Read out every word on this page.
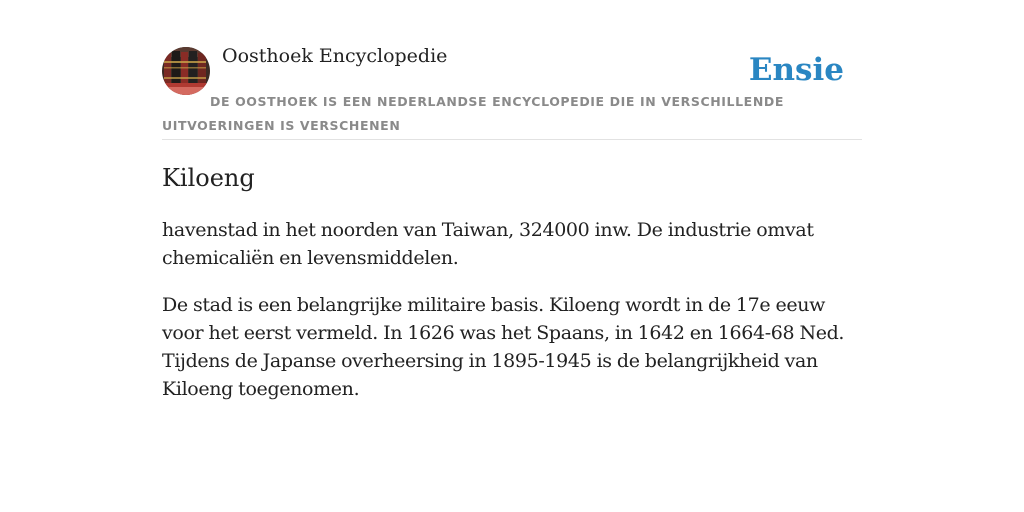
Oosthoek Encyclopedie	Ensie
DE OOSTHOEK IS EEN NEDERLANDSE ENCYCLOPEDIE DIE IN VERSCHILLENDE UITVOERINGEN IS VERSCHENEN
Kiloeng

havenstad in het noorden van Taiwan, 324000 inw. De industrie omvat chemicaliën en levensmiddelen.

De stad is een belangrijke militaire basis. Kiloeng wordt in de 17e eeuw voor het eerst vermeld. In 1626 was het Spaans, in 1642 en 1664-68 Ned. Tijdens de Japanse overheersing in 1895-1945 is de belangrijkheid van Kiloeng toegenomen.
